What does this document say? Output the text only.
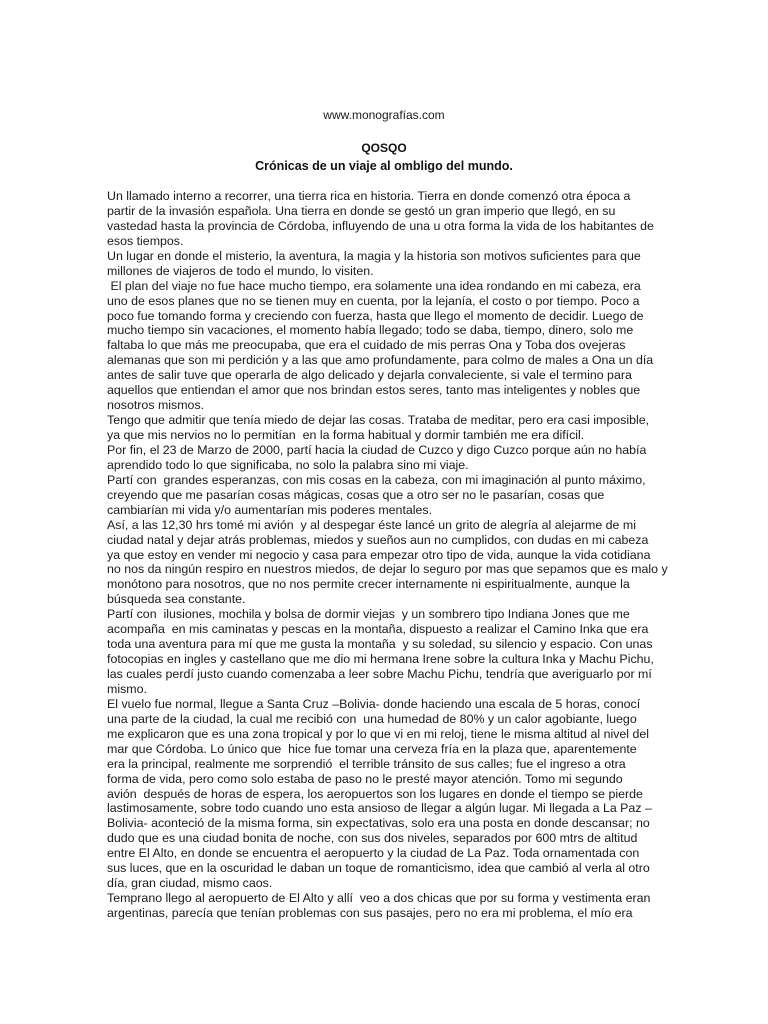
www.monografías.com
QOSQO
Crónicas de un viaje al ombligo del mundo.
Un llamado interno a recorrer, una tierra rica en historia. Tierra en donde comenzó otra época a
partir de la invasión española. Una tierra en donde se gestó un gran imperio que llegó, en su
vastedad hasta la provincia de Córdoba, influyendo de una u otra forma la vida de los habitantes de
esos tiempos.
Un lugar en donde el misterio, la aventura, la magia y la historia son motivos suficientes para que
millones de viajeros de todo el mundo, lo visiten.
El plan del viaje no fue hace mucho tiempo, era solamente una idea rondando en mi cabeza, era
uno de esos planes que no se tienen muy en cuenta, por la lejanía, el costo o por tiempo. Poco a
poco fue tomando forma y creciendo con fuerza, hasta que llego el momento de decidir. Luego de
mucho tiempo sin vacaciones, el momento había llegado; todo se daba, tiempo, dinero, solo me
faltaba lo que más me preocupaba, que era el cuidado de mis perras Ona y Toba dos ovejeras
alemanas que son mi perdición y a las que amo profundamente, para colmo de males a Ona un día
antes de salir tuve que operarla de algo delicado y dejarla convaleciente, si vale el termino para
aquellos que entiendan el amor que nos brindan estos seres, tanto mas inteligentes y nobles que
nosotros mismos.
Tengo que admitir que tenía miedo de dejar las cosas. Trataba de meditar, pero era casi imposible,
ya que mis nervios no lo permitían  en la forma habitual y dormir también me era difícil.
Por fin, el 23 de Marzo de 2000, partí hacia la ciudad de Cuzco y digo Cuzco porque aún no había
aprendido todo lo que significaba, no solo la palabra sino mi viaje.
Partí con  grandes esperanzas, con mis cosas en la cabeza, con mi imaginación al punto máximo,
creyendo que me pasarían cosas mágicas, cosas que a otro ser no le pasarían, cosas que
cambiarían mi vida y/o aumentarían mis poderes mentales.
Así, a las 12,30 hrs tomé mi avión  y al despegar éste lancé un grito de alegría al alejarme de mi
ciudad natal y dejar atrás problemas, miedos y sueños aun no cumplidos, con dudas en mi cabeza
ya que estoy en vender mi negocio y casa para empezar otro tipo de vida, aunque la vida cotidiana
no nos da ningún respiro en nuestros miedos, de dejar lo seguro por mas que sepamos que es malo y
monótono para nosotros, que no nos permite crecer internamente ni espiritualmente, aunque la
búsqueda sea constante.
Partí con  ilusiones, mochila y bolsa de dormir viejas  y un sombrero tipo Indiana Jones que me
acompaña  en mis caminatas y pescas en la montaña, dispuesto a realizar el Camino Inka que era
toda una aventura para mí que me gusta la montaña  y su soledad, su silencio y espacio. Con unas
fotocopias en ingles y castellano que me dio mi hermana Irene sobre la cultura Inka y Machu Pichu,
las cuales perdí justo cuando comenzaba a leer sobre Machu Pichu, tendría que averiguarlo por mí
mismo.
El vuelo fue normal, llegue a Santa Cruz –Bolivia- donde haciendo una escala de 5 horas, conocí
una parte de la ciudad, la cual me recibió con  una humedad de 80% y un calor agobiante, luego
me explicaron que es una zona tropical y por lo que vi en mi reloj, tiene le misma altitud al nivel del
mar que Córdoba. Lo único que  hice fue tomar una cerveza fría en la plaza que, aparentemente
era la principal, realmente me sorprendió  el terrible tránsito de sus calles; fue el ingreso a otra
forma de vida, pero como solo estaba de paso no le presté mayor atención. Tomo mi segundo
avión  después de horas de espera, los aeropuertos son los lugares en donde el tiempo se pierde
lastimosamente, sobre todo cuando uno esta ansioso de llegar a algún lugar. Mi llegada a La Paz –
Bolivia- aconteció de la misma forma, sin expectativas, solo era una posta en donde descansar; no
dudo que es una ciudad bonita de noche, con sus dos niveles, separados por 600 mtrs de altitud
entre El Alto, en donde se encuentra el aeropuerto y la ciudad de La Paz. Toda ornamentada con
sus luces, que en la oscuridad le daban un toque de romanticismo, idea que cambió al verla al otro
día, gran ciudad, mismo caos.
Temprano llego al aeropuerto de El Alto y allí  veo a dos chicas que por su forma y vestimenta eran
argentinas, parecía que tenían problemas con sus pasajes, pero no era mi problema, el mío era
